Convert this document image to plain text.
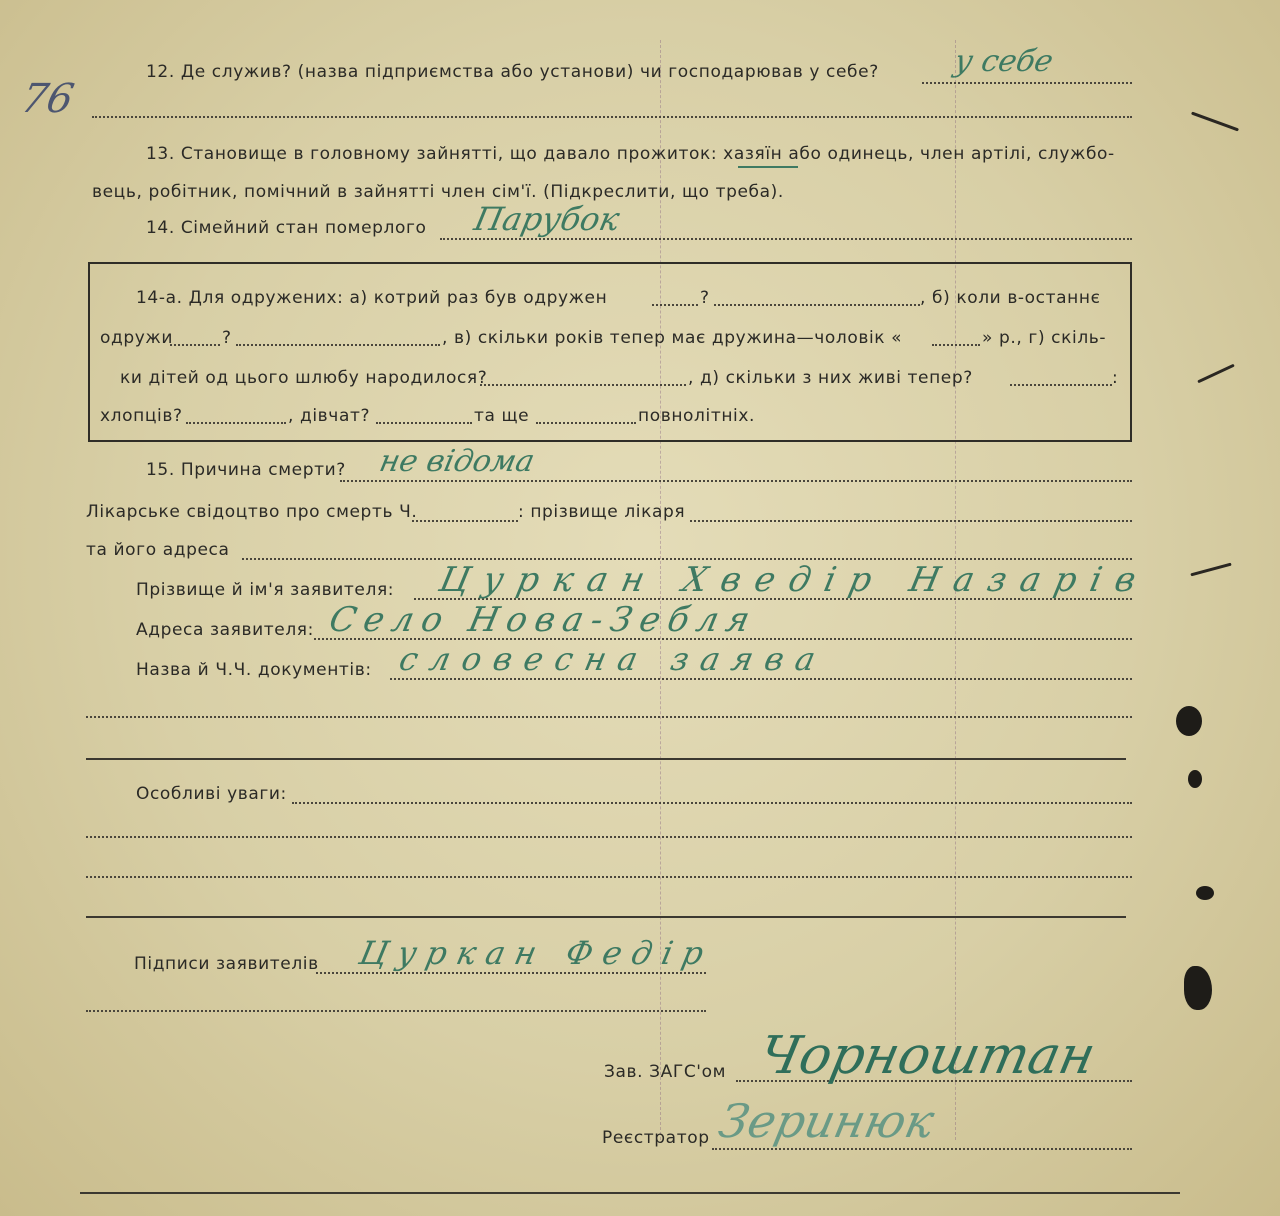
76
12. Де служив? (назва підприємства або установи) чи господарював у себе? у себе
13. Становище в головному зайнятті, що давало прожиток: хазяїн або одинець, член артілі, службо-
вець, робітник, помічний в зайнятті член сім'ї. (Підкреслити, що треба).
14. Сімейний стан померлого Парубок
14-а. Для одружених: а) котрий раз був одружен	?	, б) коли в-останнє
одружи	?	, в) скільки років тепер має дружина—чоловік «	» р., г) скіль-
ки дітей од цього шлюбу народилося?	, д) скільки з них живі тепер?	:
хлопців?	, дівчат?	та ще	повнолітніх.
15. Причина смерти? не відома
Лікарське свідоцтво про смерть Ч.	: прізвище лікаря
та його адреса
Прізвище й ім'я заявителя: Цуркан Хведір Назарів
Адреса заявителя: Село Нова-Зебля
Назва й Ч.Ч. документів: словесна заява
Особливі уваги:
Підписи заявителів Цуркан Федір
Зав. ЗАГС'ом Чорноштан
Реєстратор Зеринюк
